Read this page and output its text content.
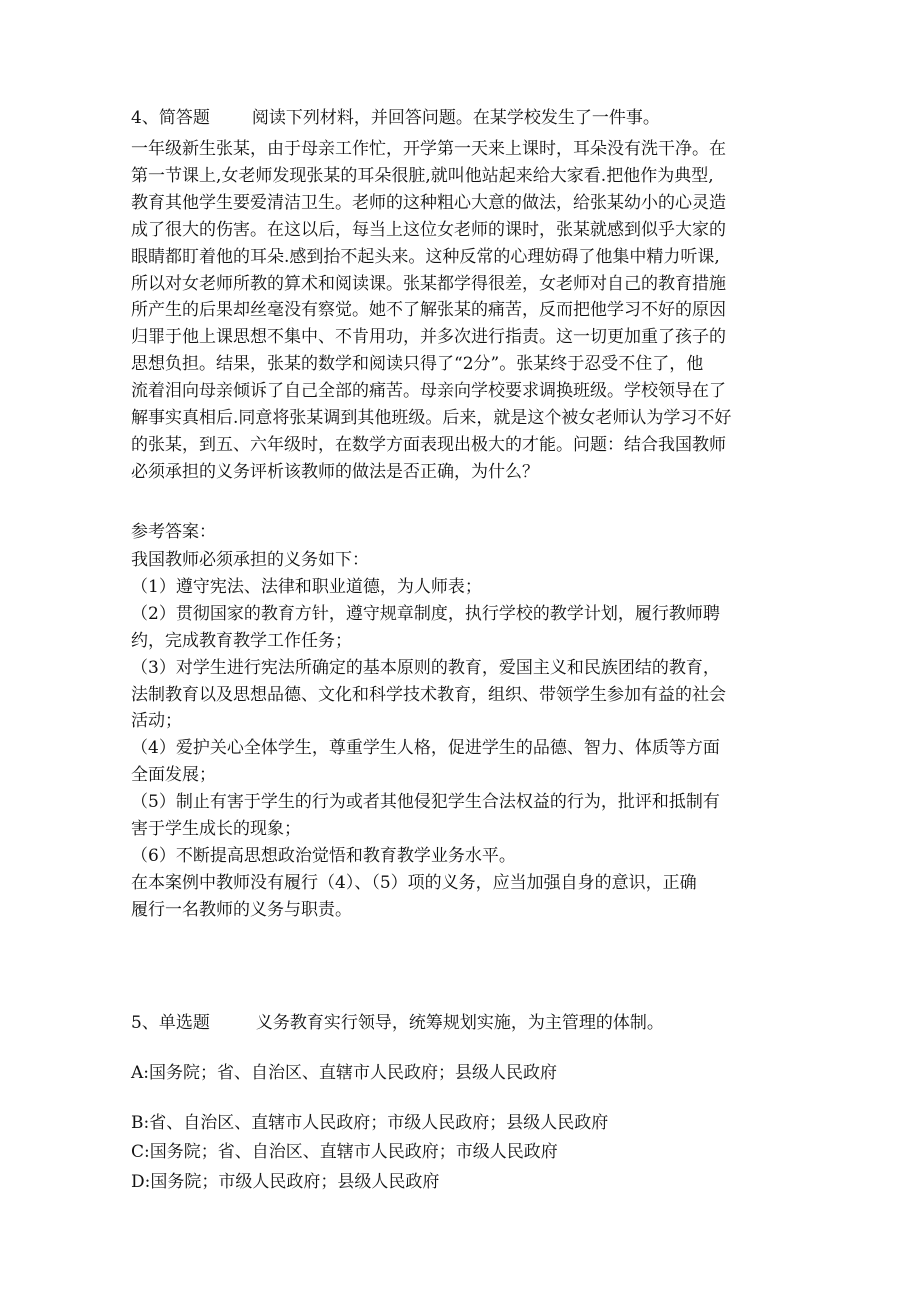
4、简答题 阅读下列材料，并回答问题。在某学校发生了一件事。
一年级新生张某，由于母亲工作忙，开学第一天来上课时，耳朵没有洗干净。在
第一节课上,女老师发现张某的耳朵很脏,就叫他站起来给大家看.把他作为典型,
教育其他学生要爱清洁卫生。老师的这种粗心大意的做法，给张某幼小的心灵造
成了很大的伤害。在这以后，每当上这位女老师的课时，张某就感到似乎大家的
眼睛都盯着他的耳朵.感到抬不起头来。这种反常的心理妨碍了他集中精力听课,
所以对女老师所教的算术和阅读课。张某都学得很差，女老师对自己的教育措施
所产生的后果却丝毫没有察觉。她不了解张某的痛苦，反而把他学习不好的原因
归罪于他上课思想不集中、不肯用功，并多次进行指责。这一切更加重了孩子的
思想负担。结果，张某的数学和阅读只得了“2分”。张某终于忍受不住了，他
流着泪向母亲倾诉了自己全部的痛苦。母亲向学校要求调换班级。学校领导在了
解事实真相后.同意将张某调到其他班级。后来，就是这个被女老师认为学习不好
的张某，到五、六年级时，在数学方面表现出极大的才能。问题：结合我国教师
必须承担的义务评析该教师的做法是否正确，为什么？
参考答案：
我国教师必须承担的义务如下：
（1）遵守宪法、法律和职业道德，为人师表；
（2）贯彻国家的教育方针，遵守规章制度，执行学校的教学计划，履行教师聘
约，完成教育教学工作任务；
（3）对学生进行宪法所确定的基本原则的教育，爱国主义和民族团结的教育，
法制教育以及思想品德、文化和科学技术教育，组织、带领学生参加有益的社会
活动；
（4）爱护关心全体学生，尊重学生人格，促进学生的品德、智力、体质等方面
全面发展；
（5）制止有害于学生的行为或者其他侵犯学生合法权益的行为，批评和抵制有
害于学生成长的现象；
（6）不断提高思想政治觉悟和教育教学业务水平。
在本案例中教师没有履行（4）、（5）项的义务，应当加强自身的意识，正确
履行一名教师的义务与职责。
5、单选题	义务教育实行领导，统筹规划实施，为主管理的体制。
A:国务院；省、自治区、直辖市人民政府；县级人民政府
B:省、自治区、直辖市人民政府；市级人民政府；县级人民政府
C:国务院；省、自治区、直辖市人民政府；市级人民政府
D:国务院；市级人民政府；县级人民政府
